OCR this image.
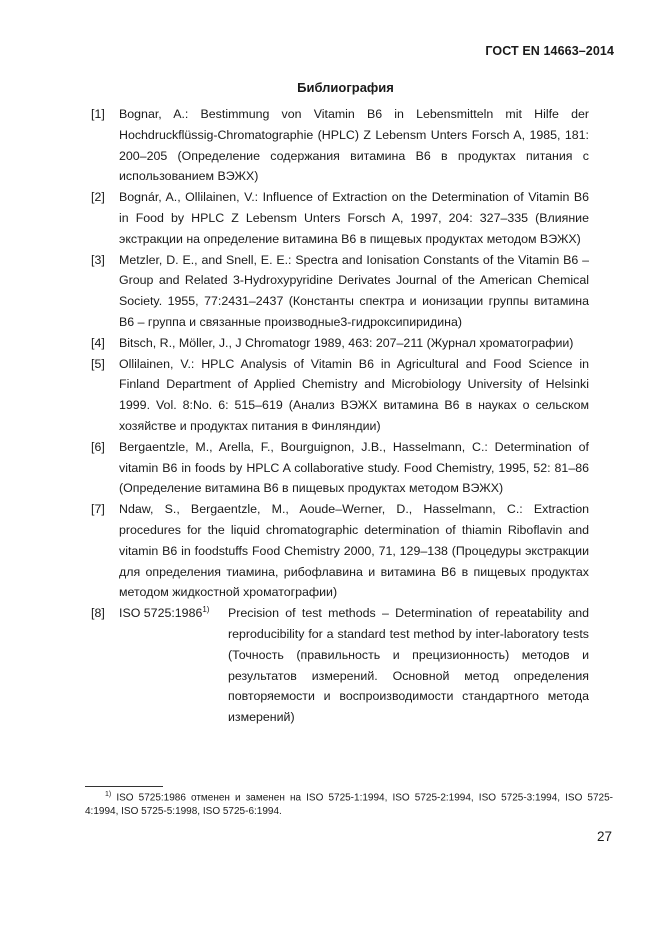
ГОСТ EN 14663–2014
Библиография
[1]	Bognar, A.: Bestimmung von Vitamin B6 in Lebensmitteln mit Hilfe der Hochdruckflüssig-Chromatographie (HPLC) Z Lebensm Unters Forsch A, 1985, 181: 200–205 (Определение содержания витамина В6 в продуктах питания с использованием ВЭЖХ)
[2]	Bognár, A., Ollilainen, V.: Influence of Extraction on the Determination of Vitamin B6 in Food by HPLC Z Lebensm Unters Forsch A, 1997, 204: 327–335 (Влияние экстракции на определение витамина В6 в пищевых продуктах методом ВЭЖХ)
[3]	Metzler, D. E., and Snell, E. E.: Spectra and Ionisation Constants of the Vitamin B6 – Group and Related 3-Hydroxypyridine Derivates Journal of the American Chemical Society. 1955, 77:2431–2437 (Константы спектра и ионизации группы витамина В6 – группа и связанные производные3-гидроксипиридина)
[4]	Bitsch, R., Möller, J., J Chromatogr 1989, 463: 207–211 (Журнал хроматографии)
[5]	Ollilainen, V.: HPLC Analysis of Vitamin B6 in Agricultural and Food Science in Finland Department of Applied Chemistry and Microbiology University of Helsinki 1999. Vol. 8:No. 6: 515–619 (Анализ ВЭЖХ витамина В6 в науках о сельском хозяйстве и продуктах питания в Финляндии)
[6]	Bergaentzle, M., Arella, F., Bourguignon, J.B., Hasselmann, C.: Determination of vitamin B6 in foods by HPLC A collaborative study. Food Chemistry, 1995, 52: 81–86 (Определение витамина В6 в пищевых продуктах методом ВЭЖХ)
[7]	Ndaw, S., Bergaentzle, M., Aoude–Werner, D., Hasselmann, C.: Extraction procedures for the liquid chromatographic determination of thiamin Riboflavin and vitamin B6 in foodstuffs Food Chemistry 2000, 71, 129–138 (Процедуры экстракции для определения тиамина, рибофлавина и витамина В6 в пищевых продуктах методом жидкостной хроматографии)
[8]	ISO 5725:1986$^{1)}$	Precision of test methods – Determination of repeatability and reproducibility for a standard test method by inter-laboratory tests (Точность (правильность и прецизионность) методов и результатов измерений. Основной метод определения повторяемости и воспроизводимости стандартного метода измерений)
$^{1)}$ ISO 5725:1986 отменен и заменен на ISO 5725-1:1994, ISO 5725-2:1994, ISO 5725-3:1994, ISO 5725-4:1994, ISO 5725-5:1998, ISO 5725-6:1994.
27
